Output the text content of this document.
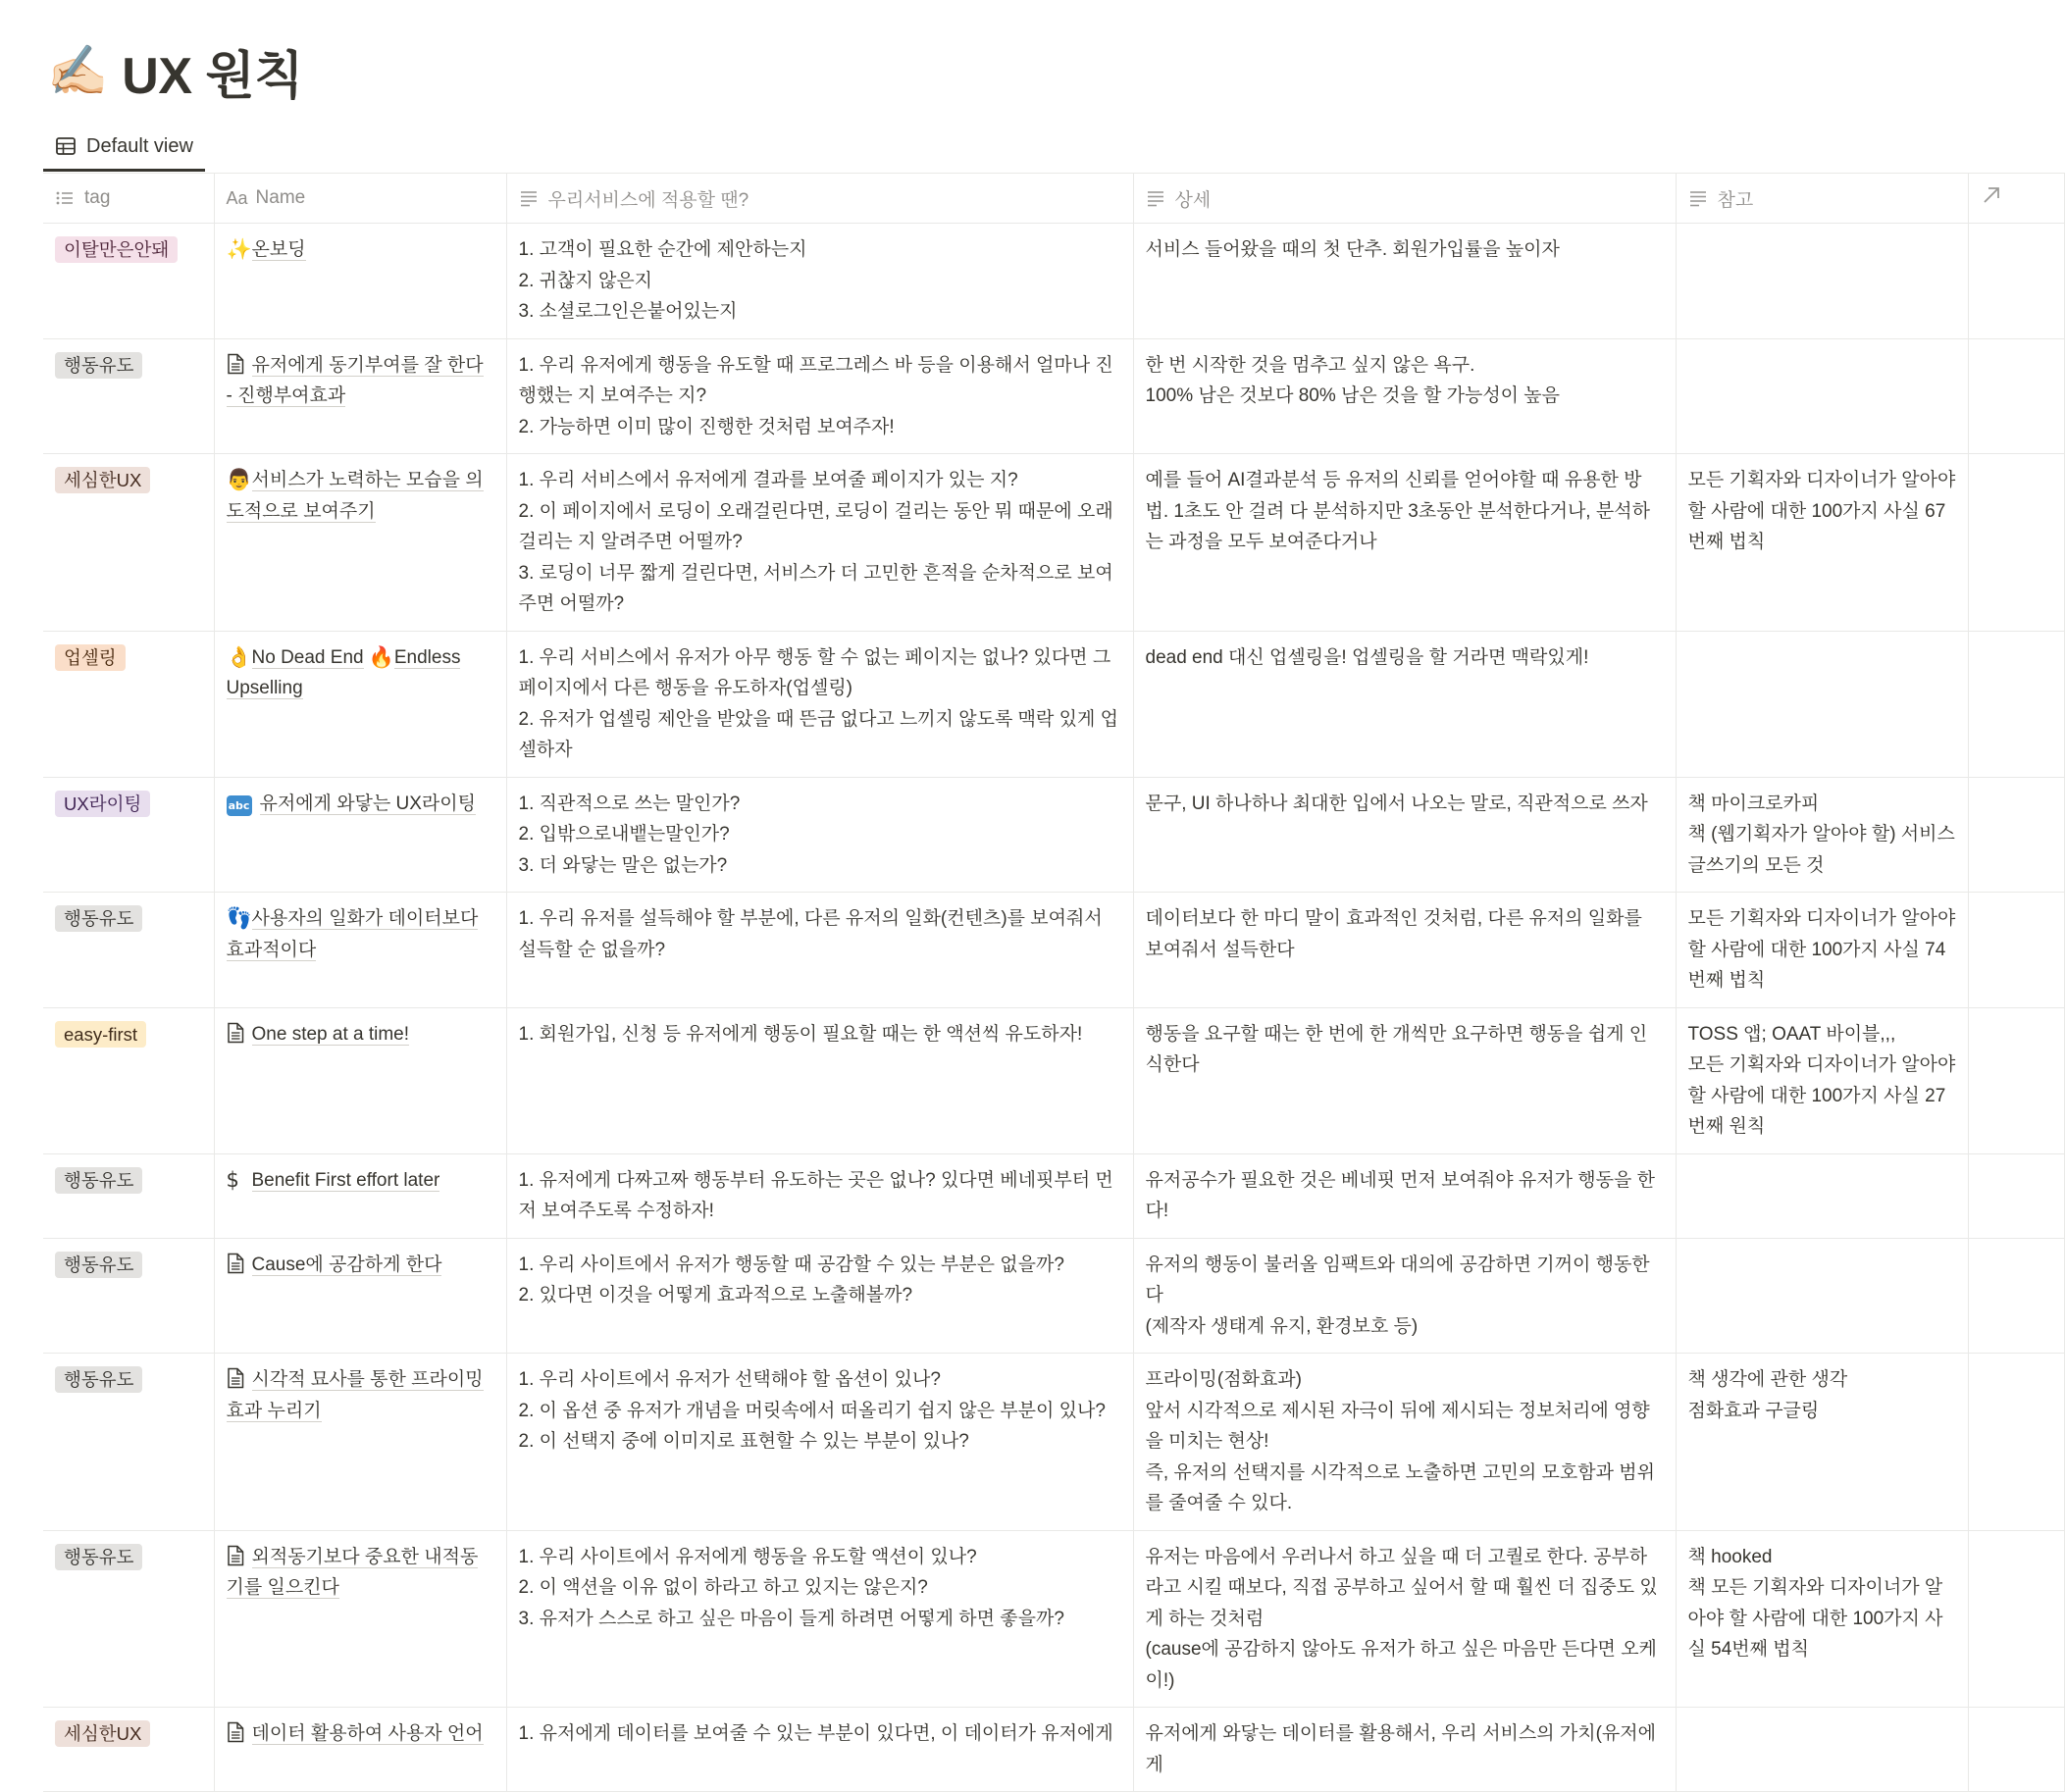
✍🏻 UX 원칙
Default view
tag	Aa Name	우리서비스에 적용할 땐?	상세	참고

이탈만은안돼	✨온보딩	1. 고객이 필요한 순간에 제안하는지
2. 귀찮지 않은지
3. 소셜로그인은붙어있는지	서비스 들어왔을 때의 첫 단추. 회원가입률을 높이자		

행동유도	유저에게 동기부여를 잘 한다 - 진행부여효과	1. 우리 유저에게 행동을 유도할 때 프로그레스 바 등을 이용해서 얼마나 진행했는 지 보여주는 지?
2. 가능하면 이미 많이 진행한 것처럼 보여주자!	한 번 시작한 것을 멈추고 싶지 않은 욕구.
100% 남은 것보다 80% 남은 것을 할 가능성이 높음		

세심한UX	👨서비스가 노력하는 모습을 의도적으로 보여주기	1. 우리 서비스에서 유저에게 결과를 보여줄 페이지가 있는 지?
2. 이 페이지에서 로딩이 오래걸린다면, 로딩이 걸리는 동안 뭐 때문에 오래 걸리는 지 알려주면 어떨까?
3. 로딩이 너무 짧게 걸린다면, 서비스가 더 고민한 흔적을 순차적으로 보여주면 어떨까?	예를 들어 AI결과분석 등 유저의 신뢰를 얻어야할 때 유용한 방법. 1초도 안 걸려 다 분석하지만 3초동안 분석한다거나, 분석하는 과정을 모두 보여준다거나	모든 기획자와 디자이너가 알아야 할 사람에 대한 100가지 사실 67번째 법칙	

업셀링	👌No Dead End 🔥Endless Upselling	1. 우리 서비스에서 유저가 아무 행동 할 수 없는 페이지는 없나? 있다면 그 페이지에서 다른 행동을 유도하자(업셀링)
2. 유저가 업셀링 제안을 받았을 때 뜬금 없다고 느끼지 않도록 맥락 있게 업셀하자	dead end 대신 업셀링을! 업셀링을 할 거라면 맥락있게!		

UX라이팅	abc 유저에게 와닿는 UX라이팅	1. 직관적으로 쓰는 말인가?
2. 입밖으로내뱉는말인가?
3. 더 와닿는 말은 없는가?	문구, UI 하나하나 최대한 입에서 나오는 말로, 직관적으로 쓰자	책 마이크로카피
책 (웹기획자가 알아야 할) 서비스 글쓰기의 모든 것	

행동유도	👣사용자의 일화가 데이터보다 효과적이다	1. 우리 유저를 설득해야 할 부분에, 다른 유저의 일화(컨텐츠)를 보여줘서 설득할 순 없을까?	데이터보다 한 마디 말이 효과적인 것처럼, 다른 유저의 일화를 보여줘서 설득한다	모든 기획자와 디자이너가 알아야 할 사람에 대한 100가지 사실 74번째 법칙	

easy-first	One step at a time!	1. 회원가입, 신청 등 유저에게 행동이 필요할 때는 한 액션씩 유도하자!	행동을 요구할 때는 한 번에 한 개씩만 요구하면 행동을 쉽게 인식한다	TOSS 앱; OAAT 바이블,,,
모든 기획자와 디자이너가 알아야 할 사람에 대한 100가지 사실 27번째 원칙	

행동유도	$ Benefit First effort later	1. 유저에게 다짜고짜 행동부터 유도하는 곳은 없나? 있다면 베네핏부터 먼저 보여주도록 수정하자!	유저공수가 필요한 것은 베네핏 먼저 보여줘야 유저가 행동을 한다!		

행동유도	Cause에 공감하게 한다	1. 우리 사이트에서 유저가 행동할 때 공감할 수 있는 부분은 없을까?
2. 있다면 이것을 어떻게 효과적으로 노출해볼까?	유저의 행동이 불러올 임팩트와 대의에 공감하면 기꺼이 행동한다
(제작자 생태계 유지, 환경보호 등)		

행동유도	시각적 묘사를 통한 프라이밍 효과 누리기	1. 우리 사이트에서 유저가 선택해야 할 옵션이 있나?
2. 이 옵션 중 유저가 개념을 머릿속에서 떠올리기 쉽지 않은 부분이 있나?
2. 이 선택지 중에 이미지로 표현할 수 있는 부분이 있나?	프라이밍(점화효과)
앞서 시각적으로 제시된 자극이 뒤에 제시되는 정보처리에 영향을 미치는 현상!
즉, 유저의 선택지를 시각적으로 노출하면 고민의 모호함과 범위를 줄여줄 수 있다.	책 생각에 관한 생각
점화효과 구글링	

행동유도	외적동기보다 중요한 내적동기를 일으킨다	1. 우리 사이트에서 유저에게 행동을 유도할 액션이 있나?
2. 이 액션을 이유 없이 하라고 하고 있지는 않은지?
3. 유저가 스스로 하고 싶은 마음이 들게 하려면 어떻게 하면 좋을까?	유저는 마음에서 우러나서 하고 싶을 때 더 고퀄로 한다. 공부하라고 시킬 때보다, 직접 공부하고 싶어서 할 때 훨씬 더 집중도 있게 하는 것처럼
(cause에 공감하지 않아도 유저가 하고 싶은 마음만 든다면 오케이!)	책 hooked
책 모든 기획자와 디자이너가 알아야 할 사람에 대한 100가지 사실 54번째 법칙	

세심한UX	데이터 활용하여 사용자 언어	1. 유저에게 데이터를 보여줄 수 있는 부분이 있다면, 이 데이터가 유저에게	유저에게 와닿는 데이터를 활용해서, 우리 서비스의 가치(유저에게		
